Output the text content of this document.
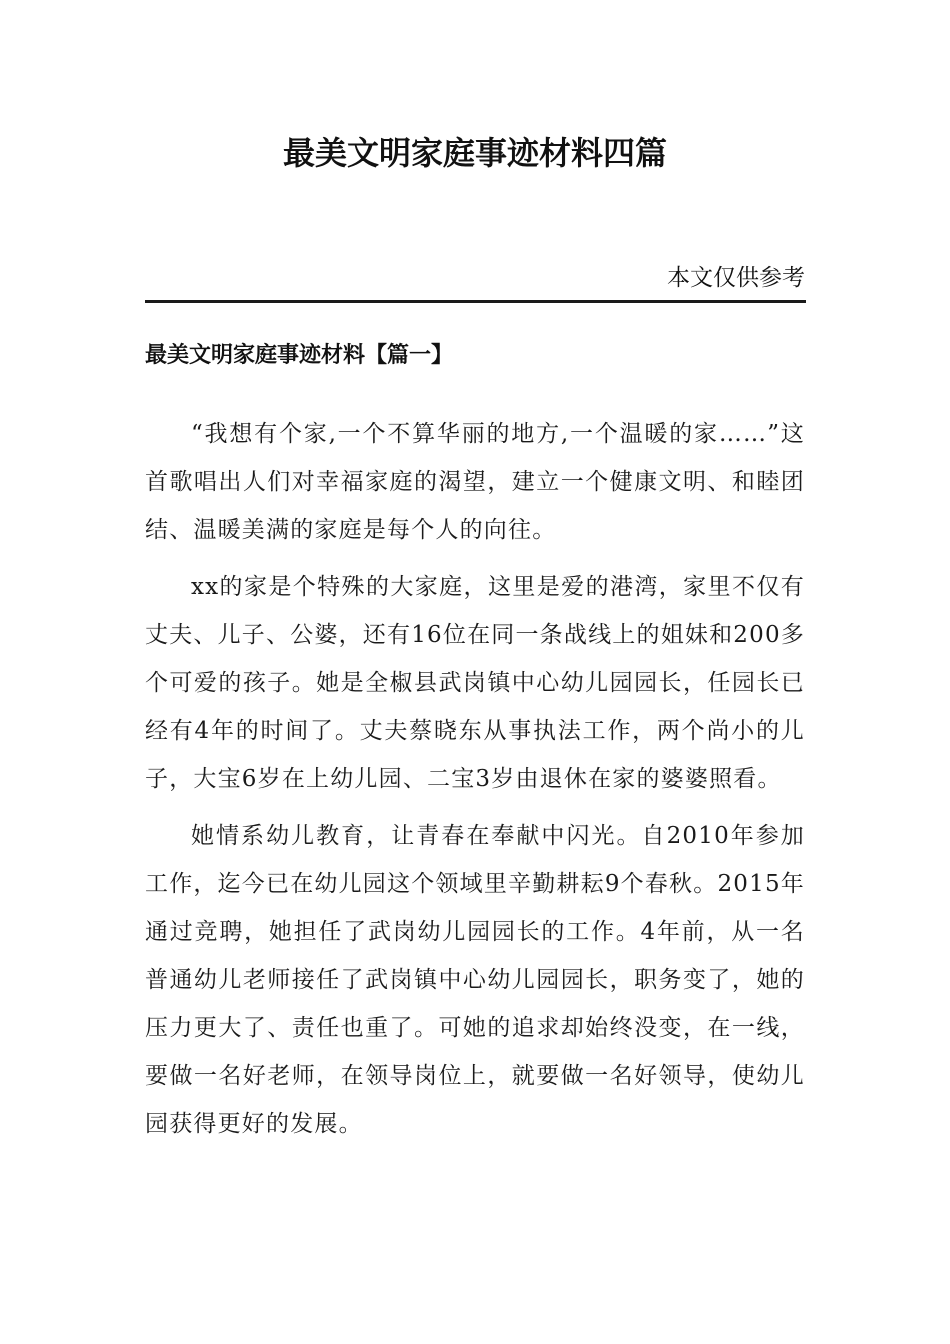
最美文明家庭事迹材料四篇
本文仅供参考
最美文明家庭事迹材料【篇一】

“我想有个家,一个不算华丽的地方,一个温暖的家……”这首歌唱出人们对幸福家庭的渴望，建立一个健康文明、和睦团结、温暖美满的家庭是每个人的向往。

xx的家是个特殊的大家庭，这里是爱的港湾，家里不仅有丈夫、儿子、公婆，还有16位在同一条战线上的姐妹和200多个可爱的孩子。她是全椒县武岗镇中心幼儿园园长，任园长已经有4年的时间了。丈夫蔡晓东从事执法工作，两个尚小的儿子，大宝6岁在上幼儿园、二宝3岁由退休在家的婆婆照看。

她情系幼儿教育，让青春在奉献中闪光。自2010年参加工作，迄今已在幼儿园这个领域里辛勤耕耘9个春秋。2015年通过竞聘，她担任了武岗幼儿园园长的工作。4年前，从一名普通幼儿老师接任了武岗镇中心幼儿园园长，职务变了，她的压力更大了、责任也重了。可她的追求却始终没变，在一线，要做一名好老师，在领导岗位上，就要做一名好领导，使幼儿园获得更好的发展。
